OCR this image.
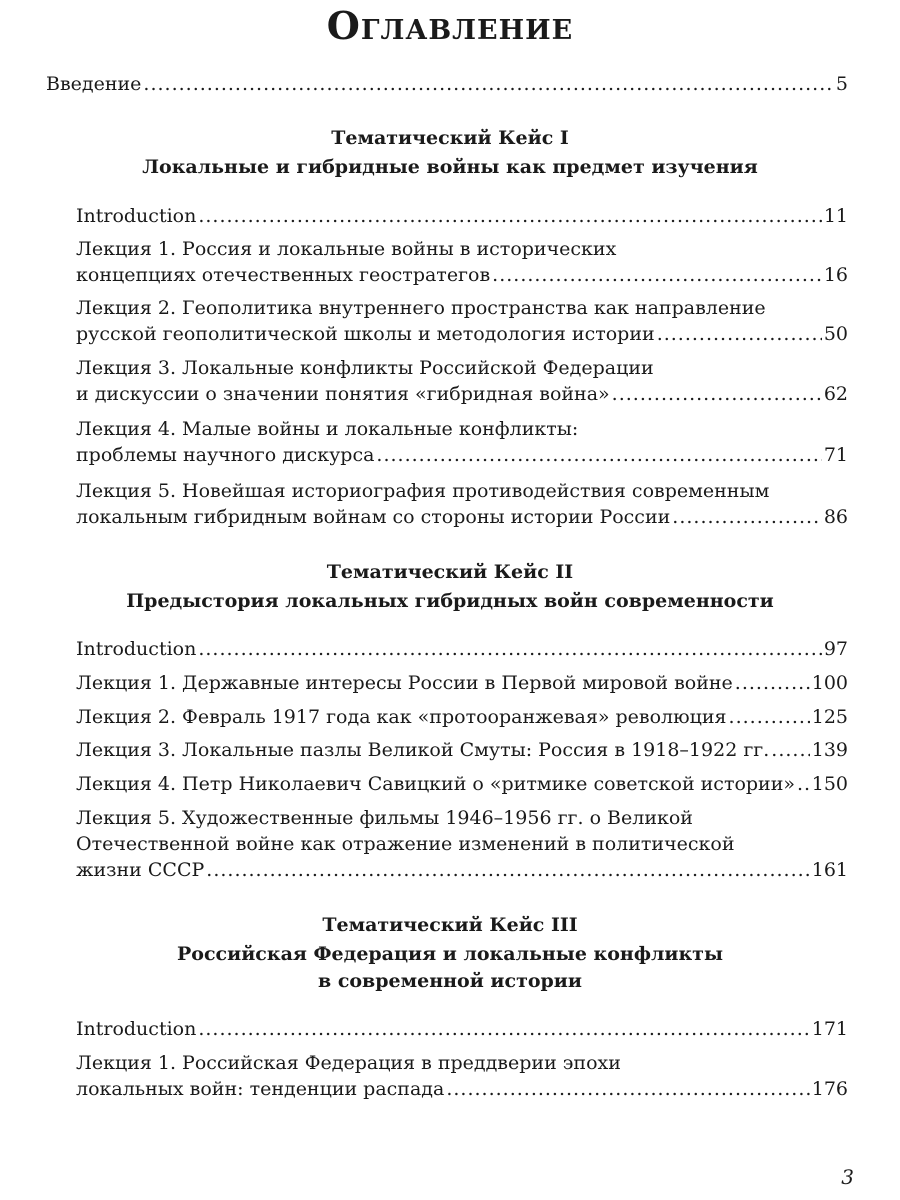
Оглавление
Введение .....	5
Тематический Кейс I
Локальные и гибридные войны как предмет изучения
Introduction .....	11
Лекция 1. Россия и локальные войны в исторических
концепциях отечественных геостратегов .....	16
Лекция 2. Геополитика внутреннего пространства как направление
русской геополитической школы и методология истории .....	50
Лекция 3. Локальные конфликты Российской Федерации
и дискуссии о значении понятия «гибридная война» .....	62
Лекция 4. Малые войны и локальные конфликты:
проблемы научного дискурса .....	71
Лекция 5. Новейшая историография противодействия современным
локальным гибридным войнам со стороны истории России .....	86
Тематический Кейс II
Предыстория локальных гибридных войн современности
Introduction .....	97
Лекция 1. Державные интересы России в Первой мировой войне .....	100
Лекция 2. Февраль 1917 года как «протооранжевая» революция .....	125
Лекция 3. Локальные пазлы Великой Смуты: Россия в 1918–1922 гг. ..... 139
Лекция 4. Петр Николаевич Савицкий о «ритмике советской истории» ..... 150
Лекция 5. Художественные фильмы 1946–1956 гг. о Великой
Отечественной войне как отражение изменений в политической
жизни СССР .....	161
Тематический Кейс III
Российская Федерация и локальные конфликты
в современной истории
Introduction .....	171
Лекция 1. Российская Федерация в преддверии эпохи
локальных войн: тенденции распада .....	176
3
